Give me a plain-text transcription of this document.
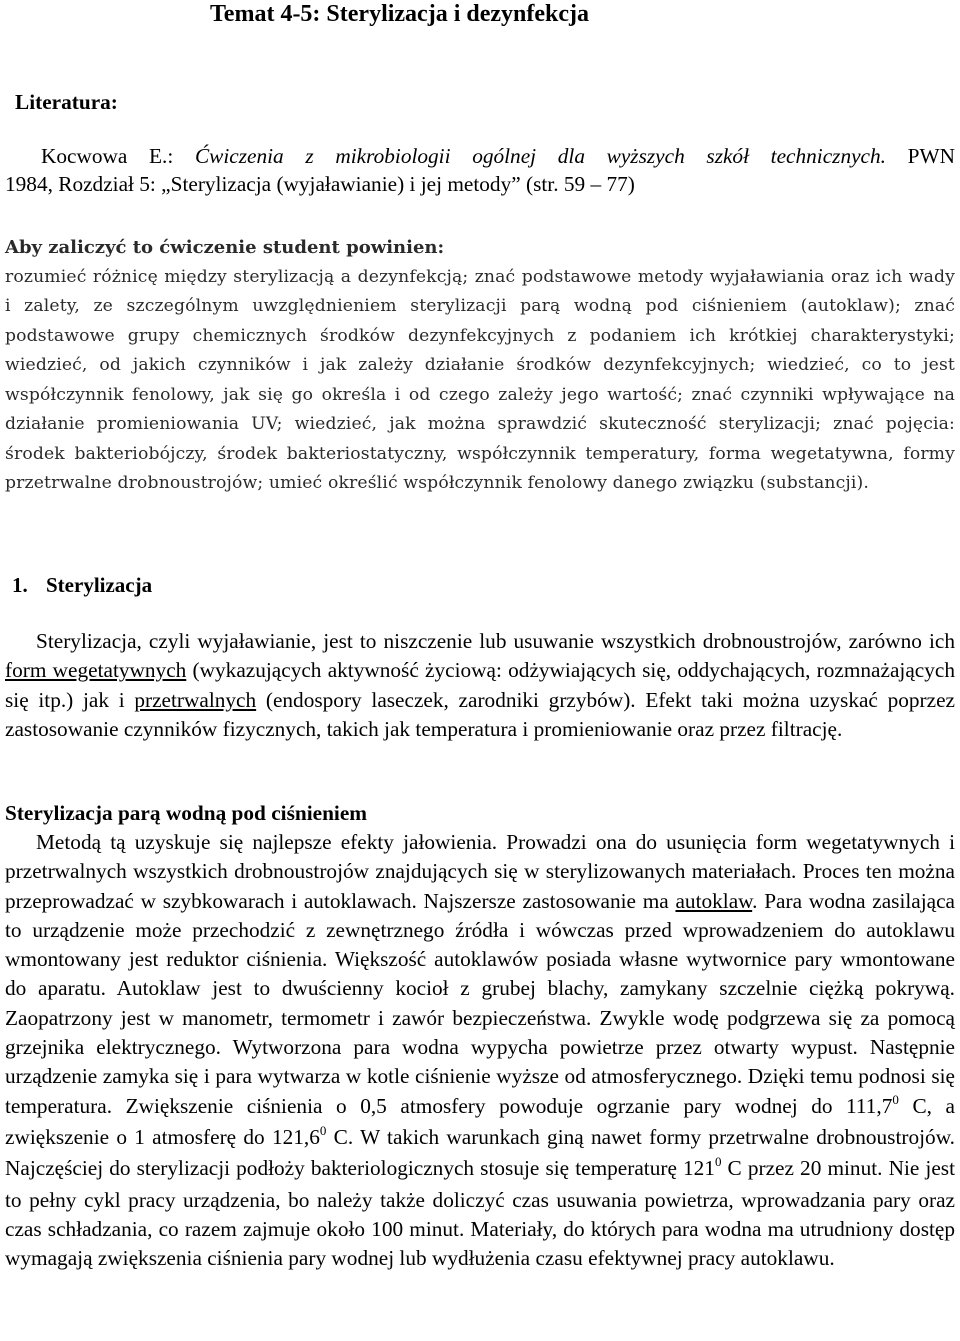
Temat 4-5: Sterylizacja i dezynfekcja
Literatura:
Kocwowa E.: Ćwiczenia z mikrobiologii ogólnej dla wyższych szkół technicznych. PWN
1984, Rozdział 5: „Sterylizacja (wyjaławianie) i jej metody” (str. 59 – 77)
Aby zaliczyć to ćwiczenie student powinien:
rozumieć różnicę między sterylizacją a dezynfekcją; znać podstawowe metody wyjaławiania oraz ich wady i zalety, ze szczególnym uwzględnieniem sterylizacji parą wodną pod ciśnieniem (autoklaw); znać podstawowe grupy chemicznych środków dezynfekcyjnych z podaniem ich krótkiej charakterystyki; wiedzieć, od jakich czynników i jak zależy działanie środków dezynfekcyjnych; wiedzieć, co to jest współczynnik fenolowy, jak się go określa i od czego zależy jego wartość; znać czynniki wpływające na działanie promieniowania UV; wiedzieć, jak można sprawdzić skuteczność sterylizacji; znać pojęcia: środek bakteriobójczy, środek bakteriostatyczny, współczynnik temperatury, forma wegetatywna, formy przetrwalne drobnoustrojów; umieć określić współczynnik fenolowy danego związku (substancji).
1. Sterylizacja
Sterylizacja, czyli wyjaławianie, jest to niszczenie lub usuwanie wszystkich drobnoustrojów, zarówno ich form wegetatywnych (wykazujących aktywność życiową: odżywiających się, oddychających, rozmnażających się itp.) jak i przetrwalnych (endospory laseczek, zarodniki grzybów). Efekt taki można uzyskać poprzez zastosowanie czynników fizycznych, takich jak temperatura i promieniowanie oraz przez filtrację.
Sterylizacja parą wodną pod ciśnieniem
Metodą tą uzyskuje się najlepsze efekty jałowienia. Prowadzi ona do usunięcia form wegetatywnych i przetrwalnych wszystkich drobnoustrojów znajdujących się w sterylizowanych materiałach. Proces ten można przeprowadzać w szybkowarach i autoklawach. Najszersze zastosowanie ma autoklaw. Para wodna zasilająca to urządzenie może przechodzić z zewnętrznego źródła i wówczas przed wprowadzeniem do autoklawu wmontowany jest reduktor ciśnienia. Większość autoklawów posiada własne wytwornice pary wmontowane do aparatu. Autoklaw jest to dwuścienny kocioł z grubej blachy, zamykany szczelnie ciężką pokrywą. Zaopatrzony jest w manometr, termometr i zawór bezpieczeństwa. Zwykle wodę podgrzewa się za pomocą grzejnika elektrycznego. Wytworzona para wodna wypycha powietrze przez otwarty wypust. Następnie urządzenie zamyka się i para wytwarza w kotle ciśnienie wyższe od atmosferycznego. Dzięki temu podnosi się temperatura. Zwiększenie ciśnienia o 0,5 atmosfery powoduje ogrzanie pary wodnej do 111,7$^0$ C, a zwiększenie o 1 atmosferę do 121,6$^0$ C. W takich warunkach giną nawet formy przetrwalne drobnoustrojów. Najczęściej do sterylizacji podłoży bakteriologicznych stosuje się temperaturę $121^0$ C przez 20 minut. Nie jest to pełny cykl pracy urządzenia, bo należy także doliczyć czas usuwania powietrza, wprowadzania pary oraz czas schładzania, co razem zajmuje około 100 minut. Materiały, do których para wodna ma utrudniony dostęp wymagają zwiększenia ciśnienia pary wodnej lub wydłużenia czasu efektywnej pracy autoklawu.
